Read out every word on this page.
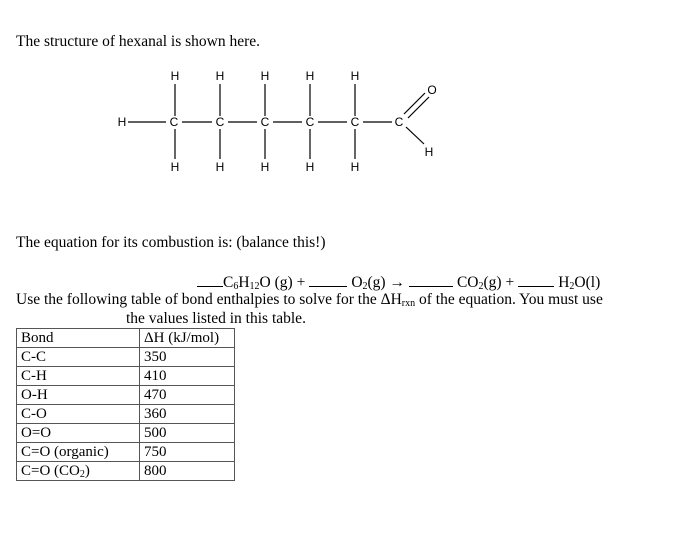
The structure of hexanal is shown here.
H	H	H	H	H
H	C	C	C	C	C	C
O
H
H	H	H	H	H
The equation for its combustion is: (balance this!)
$C_6H_{12}O$ (g) +	$O_2(g)$ →	$CO_2(g)$ +	$H_2O(l)$
Use the following table of bond enthalpies to solve for the $\Delta H_{rxn}$ of the equation. You must use
the values listed in this table.
Bond	ΔH (kJ/mol)
C-C	350
C-H	410
O-H	470
C-O	360
O=O	500
C=O (organic)	750
C=O $(CO_2)$	800
